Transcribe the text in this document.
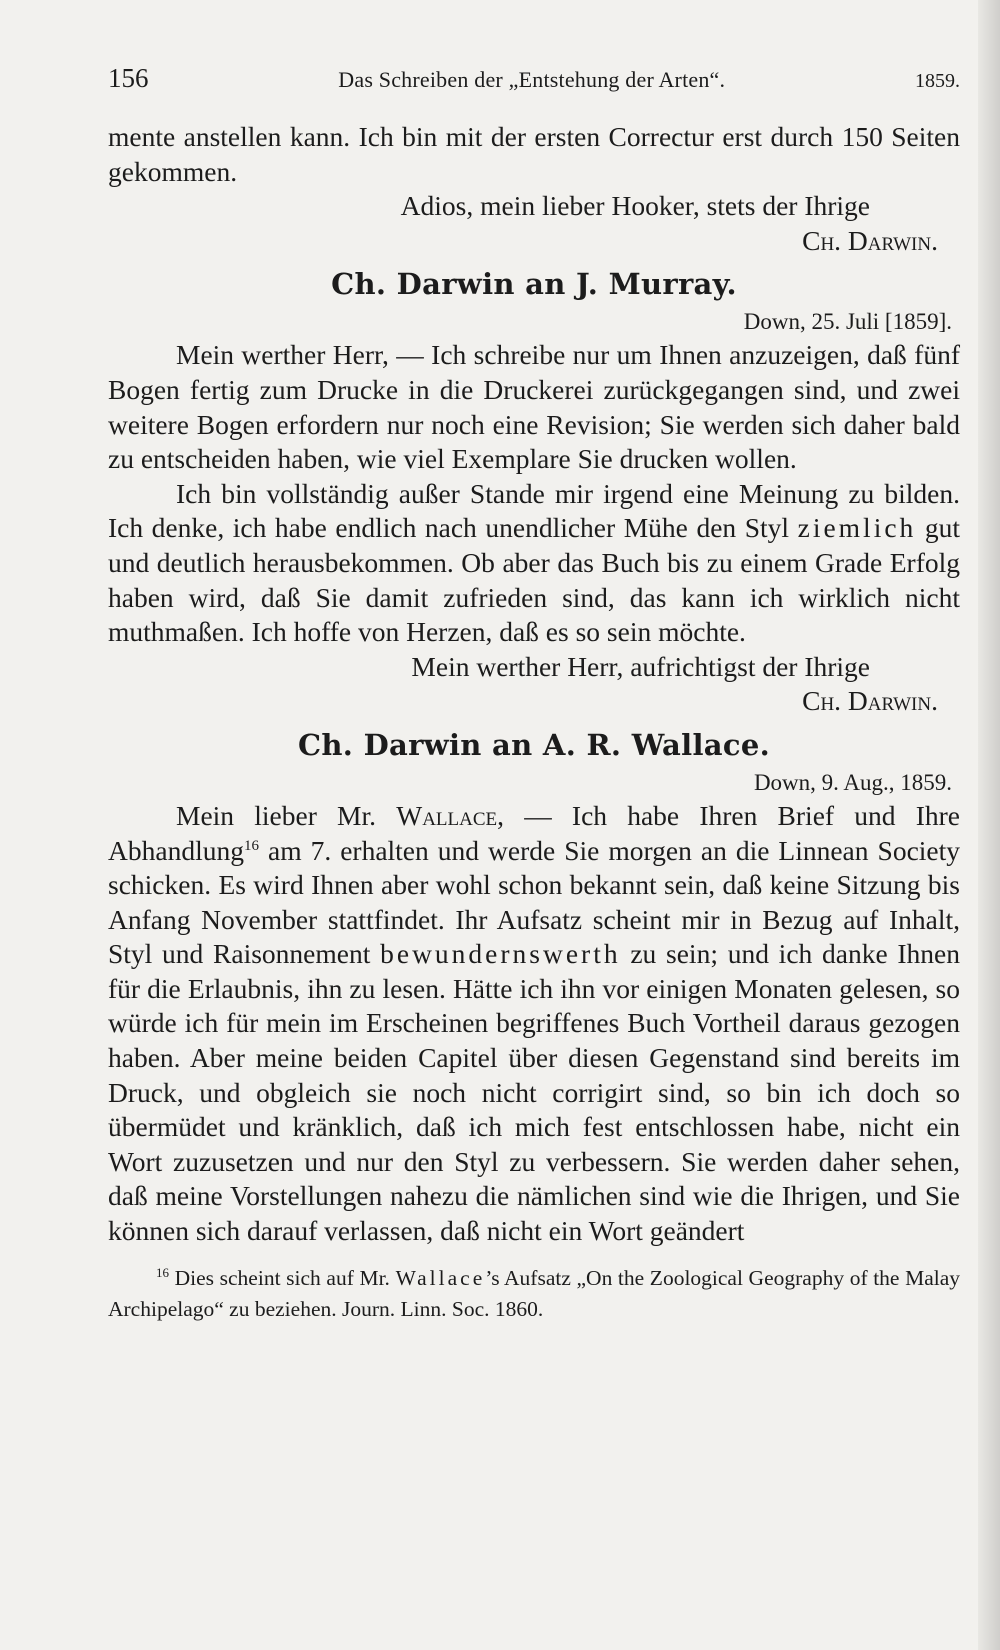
156	Das Schreiben der „Entstehung der Arten“.	1859.

mente anstellen kann. Ich bin mit der ersten Correctur erst durch 150 Seiten gekommen.

Adios, mein lieber Hooker, stets der Ihrige

Ch. Darwin.

Ch. Darwin an J. Murray.
Down, 25. Juli [1859].

Mein werther Herr, — Ich schreibe nur um Ihnen anzuzeigen, daß fünf Bogen fertig zum Drucke in die Druckerei zurückgegangen sind, und zwei weitere Bogen erfordern nur noch eine Revision; Sie werden sich daher bald zu entscheiden haben, wie viel Exemplare Sie drucken wollen.

Ich bin vollständig außer Stande mir irgend eine Meinung zu bilden. Ich denke, ich habe endlich nach unendlicher Mühe den Styl ziemlich gut und deutlich herausbekommen. Ob aber das Buch bis zu einem Grade Erfolg haben wird, daß Sie damit zufrieden sind, das kann ich wirklich nicht muthmaßen. Ich hoffe von Herzen, daß es so sein möchte.

Mein werther Herr, aufrichtigst der Ihrige

Ch. Darwin.

Ch. Darwin an A. R. Wallace.
Down, 9. Aug., 1859.

Mein lieber Mr. Wallace, — Ich habe Ihren Brief und Ihre Abhandlung$^{16}$ am 7. erhalten und werde Sie morgen an die Linnean Society schicken. Es wird Ihnen aber wohl schon bekannt sein, daß keine Sitzung bis Anfang November stattfindet. Ihr Aufsatz scheint mir in Bezug auf Inhalt, Styl und Raisonnement bewundernswerth zu sein; und ich danke Ihnen für die Erlaubnis, ihn zu lesen. Hätte ich ihn vor einigen Monaten gelesen, so würde ich für mein im Erscheinen begriffenes Buch Vortheil daraus gezogen haben. Aber meine beiden Capitel über diesen Gegenstand sind bereits im Druck, und obgleich sie noch nicht corrigirt sind, so bin ich doch so übermüdet und kränklich, daß ich mich fest entschlossen habe, nicht ein Wort zuzusetzen und nur den Styl zu verbessern. Sie werden daher sehen, daß meine Vorstellungen nahezu die nämlichen sind wie die Ihrigen, und Sie können sich darauf verlassen, daß nicht ein Wort geändert

$^{16}$ Dies scheint sich auf Mr. Wallace’s Aufsatz „On the Zoological Geography of the Malay Archipelago“ zu beziehen. Journ. Linn. Soc. 1860.
